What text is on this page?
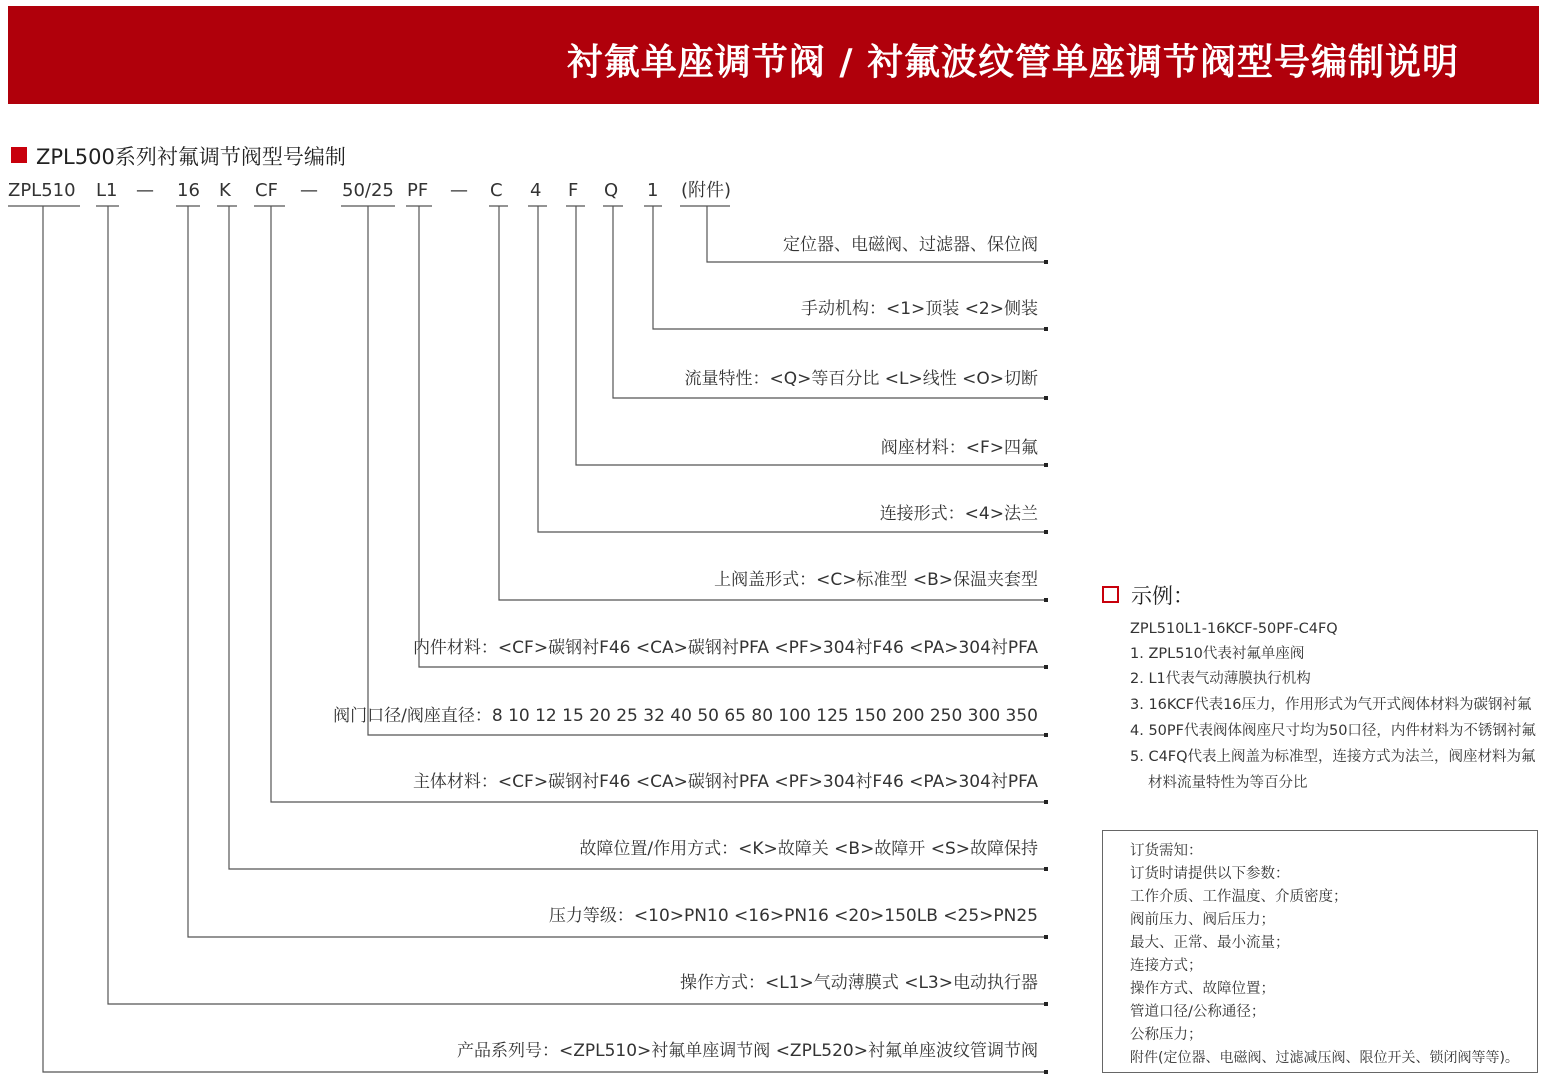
衬氟单座调节阀 / 衬氟波纹管单座调节阀型号编制说明
ZPL500系列衬氟调节阀型号编制
ZPL510 L1 — 16 K CF — 50/25 PF — C 4 F Q 1 (附件)
定位器、电磁阀、过滤器、保位阀
手动机构：<1>顶装 <2>侧装
流量特性：<Q>等百分比 <L>线性 <O>切断
阀座材料：<F>四氟
连接形式：<4>法兰
上阀盖形式：<C>标准型 <B>保温夹套型
内件材料：<CF>碳钢衬F46 <CA>碳钢衬PFA <PF>304衬F46 <PA>304衬PFA
阀门口径/阀座直径：8 10 12 15 20 25 32 40 50 65 80 100 125 150 200 250 300 350
主体材料：<CF>碳钢衬F46 <CA>碳钢衬PFA <PF>304衬F46 <PA>304衬PFA
故障位置/作用方式：<K>故障关 <B>故障开 <S>故障保持
压力等级：<10>PN10 <16>PN16 <20>150LB <25>PN25
操作方式：<L1>气动薄膜式 <L3>电动执行器
产品系列号：<ZPL510>衬氟单座调节阀 <ZPL520>衬氟单座波纹管调节阀
示例：
ZPL510L1-16KCF-50PF-C4FQ
1. ZPL510代表衬氟单座阀
2. L1代表气动薄膜执行机构
3. 16KCF代表16压力，作用形式为气开式阀体材料为碳钢衬氟
4. 50PF代表阀体阀座尺寸均为50口径，内件材料为不锈钢衬氟
5. C4FQ代表上阀盖为标准型，连接方式为法兰，阀座材料为氟
材料流量特性为等百分比
订货需知：
订货时请提供以下参数：
工作介质、工作温度、介质密度；
阀前压力、阀后压力；
最大、正常、最小流量；
连接方式；
操作方式、故障位置；
管道口径/公称通径；
公称压力；
附件(定位器、电磁阀、过滤减压阀、限位开关、锁闭阀等等)。
